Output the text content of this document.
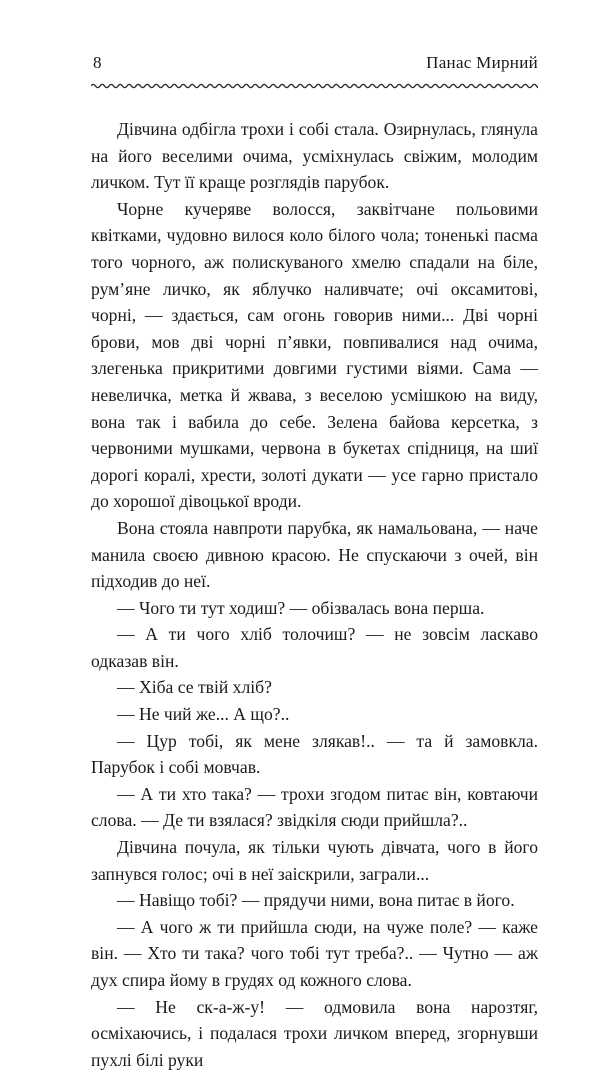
8	Панас Мирний

Дівчина одбігла трохи і собі стала. Озирнулась, глянула на його веселими очима, усміхнулась свіжим, молодим личком. Тут її краще розглядів парубок.

Чорне кучеряве волосся, заквітчане польовими квітками, чудовно вилося коло білого чола; тоненькі пасма того чорного, аж полискуваного хмелю спадали на біле, рум’яне личко, як яблучко наливчате; очі оксамитові, чорні, — здається, сам огонь говорив ними... Дві чорні брови, мов дві чорні п’явки, повпивалися над очима, злегенька прикритими довгими густими віями. Сама — невеличка, метка й жвава, з веселою усмішкою на виду, вона так і вабила до себе. Зелена байова керсетка, з червоними мушками, червона в букетах спідниця, на шиї дорогі коралі, хрести, золоті дукати — усе гарно пристало до хорошої дівоцької вроди.

Вона стояла навпроти парубка, як намальована, — наче манила своєю дивною красою. Не спускаючи з очей, він підходив до неї.

— Чого ти тут ходиш? — обізвалась вона перша.

— А ти чого хліб толочиш? — не зовсім ласкаво одказав він.

— Хіба се твій хліб?

— Не чий же... А що?..

— Цур тобі, як мене злякав!.. — та й замовкла. Парубок і собі мовчав.

— А ти хто така? — трохи згодом питає він, ковтаючи слова. — Де ти взялася? звідкіля сюди прийшла?..

Дівчина почула, як тільки чують дівчата, чого в його запнувся голос; очі в неї заіскрили, заграли...

— Навіщо тобі? — прядучи ними, вона питає в його.

— А чого ж ти прийшла сюди, на чуже поле? — каже він. — Хто ти така? чого тобі тут треба?.. — Чутно — аж дух спира йому в грудях од кожного слова.

— Не ск-а-ж-у! — одмовила вона нарозтяг, осміхаючись, і подалася трохи личком вперед, згорнувши пухлі білі руки
